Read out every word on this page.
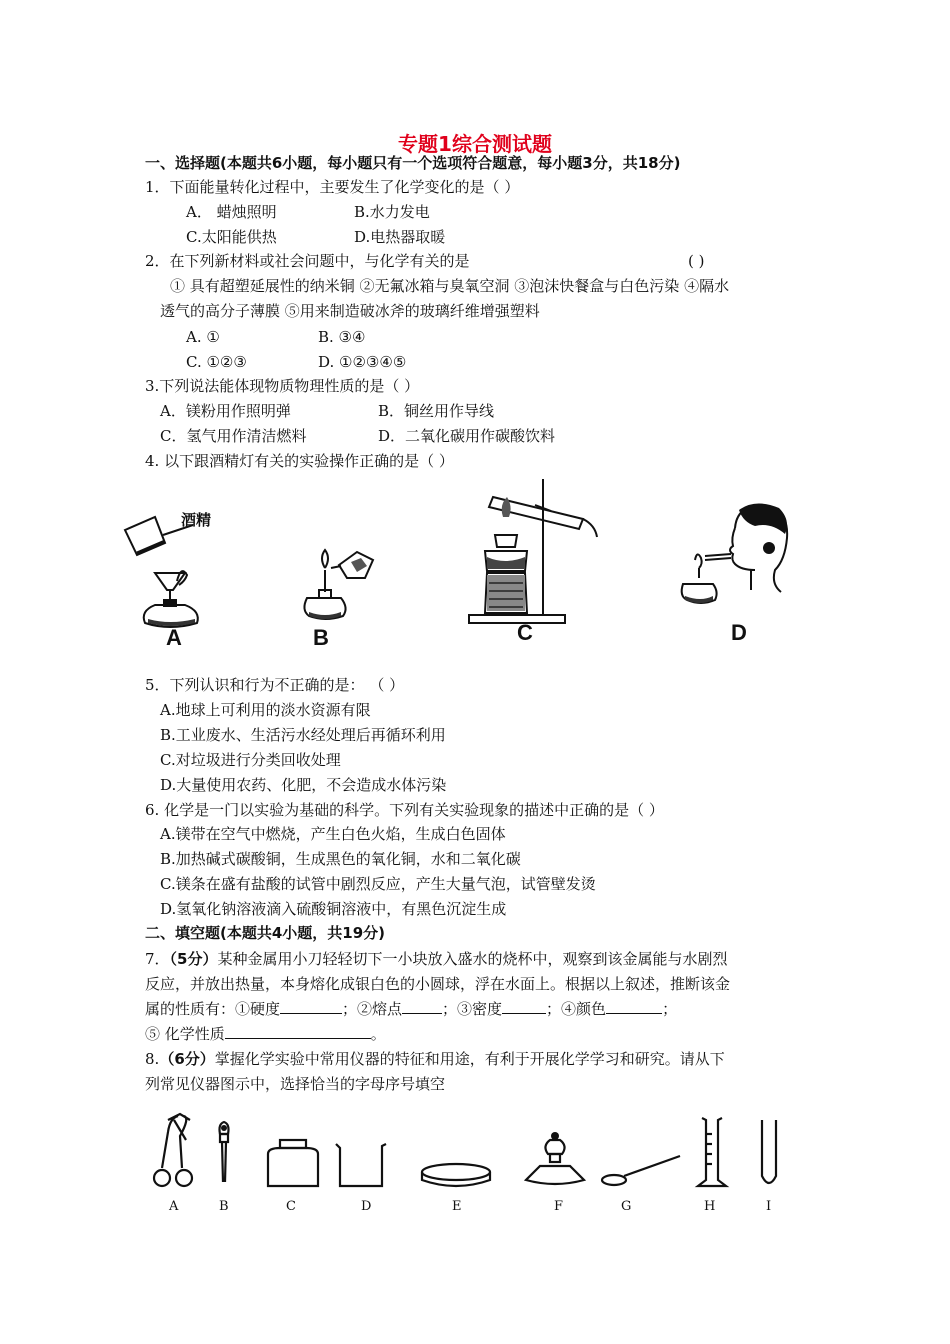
专题1综合测试题
一、选择题(本题共6小题，每小题只有一个选项符合题意，每小题3分，共18分)
1．下面能量转化过程中，主要发生了化学变化的是（ ）
A． 蜡烛照明	B.水力发电
C.太阳能供热	D.电热器取暖
2．在下列新材料或社会问题中，与化学有关的是	( )
① 具有超塑延展性的纳米铜 ②无氟冰箱与臭氧空洞 ③泡沫快餐盒与白色污染 ④隔水
透气的高分子薄膜 ⑤用来制造破冰斧的玻璃纤维增强塑料
A. ①	B. ③④
C. ①②③	D. ①②③④⑤
3.下列说法能体现物质物理性质的是（ ）
A．镁粉用作照明弹	B．铜丝用作导线
C．氢气用作清洁燃料	D．二氧化碳用作碳酸饮料
4. 以下跟酒精灯有关的实验操作正确的是（ ）
酒精
A	B	C	D
5．下列认识和行为不正确的是： （ ）
A.地球上可利用的淡水资源有限
B.工业废水、生活污水经处理后再循环利用
C.对垃圾进行分类回收处理
D.大量使用农药、化肥，不会造成水体污染
6. 化学是一门以实验为基础的科学。下列有关实验现象的描述中正确的是（ ）
A.镁带在空气中燃烧，产生白色火焰，生成白色固体
B.加热碱式碳酸铜，生成黑色的氧化铜，水和二氧化碳
C.镁条在盛有盐酸的试管中剧烈反应，产生大量气泡，试管壁发烫
D.氢氧化钠溶液滴入硫酸铜溶液中，有黑色沉淀生成
二、填空题(本题共4小题，共19分)
7．（5分）某种金属用小刀轻轻切下一小块放入盛水的烧杯中，观察到该金属能与水剧烈
反应，并放出热量，本身熔化成银白色的小圆球，浮在水面上。根据以上叙述，推断该金
属的性质有：①硬度	；②熔点	；③密度	；④颜色	；
⑤ 化学性质	。
8.（6分）掌握化学实验中常用仪器的特征和用途，有利于开展化学学习和研究。请从下
列常见仪器图示中，选择恰当的字母序号填空
A	B	C	D	E	F	G	H	I
